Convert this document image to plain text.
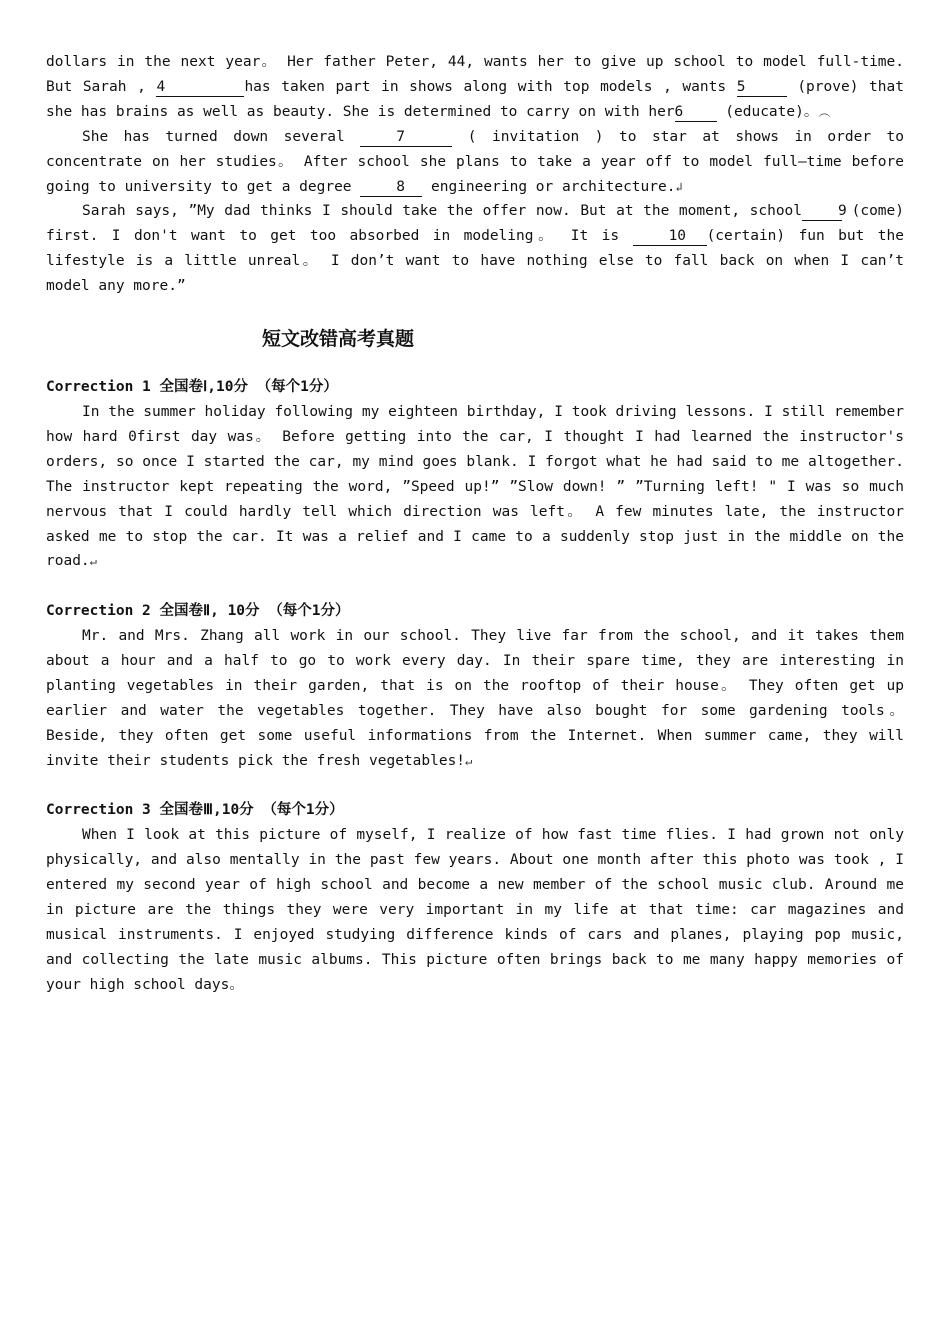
dollars in the next year。 Her father Peter, 44, wants her to give up school to model full-time. But Sarah , 4	has taken part in shows along with top models , wants 5	(prove) that she has brains as well as beauty. She is determined to carry on with her6	(educate)。︵

She has turned down several	7	( invitation ) to star at shows in order to concentrate on her studies。 After school she plans to take a year off to model full—time before going to university to get a degree	8 engineering or architecture.↲

Sarah says, ”My dad thinks I should take the offer now. But at the moment, school 9 (come) first. I don't want to get too absorbed in modeling。 It is	10 (certain) fun but the lifestyle is a little unreal。 I don’t want to have nothing else to fall back on when I can’t model any more.”

短文改错高考真题

Correction 1 全国卷Ⅰ,10分 （每个1分）

In the summer holiday following my eighteen birthday, I took driving lessons. I still remember how hard 0first day was。 Before getting into the car, I thought I had learned the instructor's orders, so once I started the car, my mind goes blank. I forgot what he had said to me altogether. The instructor kept repeating the word, ”Speed up!” ”Slow down! ” ”Turning left! " I was so much nervous that I could hardly tell which direction was left。 A few minutes late, the instructor asked me to stop the car. It was a relief and I came to a suddenly stop just in the middle on the road.↵

Correction 2 全国卷Ⅱ, 10分 （每个1分）

Mr. and Mrs. Zhang all work in our school. They live far from the school, and it takes them about a hour and a half to go to work every day. In their spare time, they are interesting in planting vegetables in their garden, that is on the rooftop of their house。 They often get up earlier and water the vegetables together. They have also bought for some gardening tools。 Beside, they often get some useful informations from the Internet. When summer came, they will invite their students pick the fresh vegetables!↵

Correction 3 全国卷Ⅲ,10分 （每个1分）

When I look at this picture of myself, I realize of how fast time flies. I had grown not only physically, and also mentally in the past few years. About one month after this photo was took , I entered my second year of high school and become a new member of the school music club. Around me in picture are the things they were very important in my life at that time: car magazines and musical instruments. I enjoyed studying difference kinds of cars and planes, playing pop music, and collecting the late music albums. This picture often brings back to me many happy memories of your high school days。
